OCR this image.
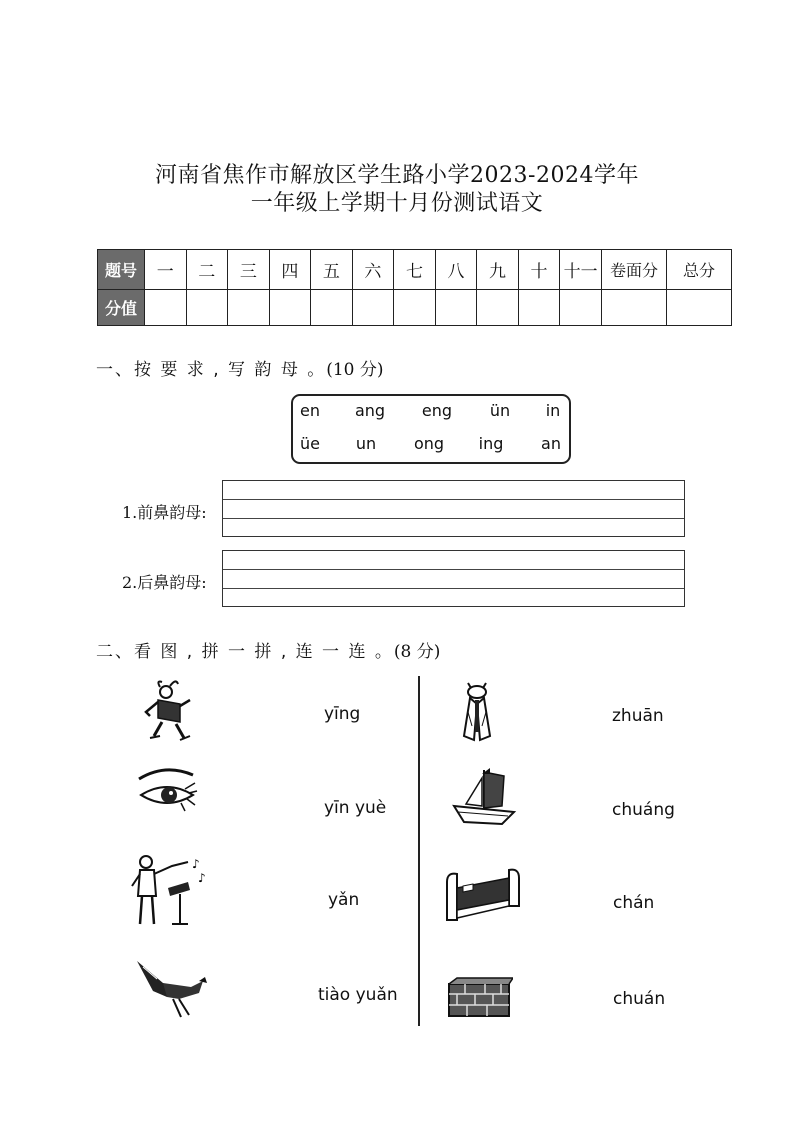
河南省焦作市解放区学生路小学2023-2024学年
一年级上学期十月份测试语文
题号	一	二	三	四	五	六	七	八	九	十	十一	卷面分	总分
分值													
一、按 要 求 , 写 韵 母 。(10 分)
en ang eng ün in
üe un ong ing an
1.前鼻韵母:
2.后鼻韵母:
二、看 图 , 拼 一 拼 , 连 一 连 。(8 分)
yīng
yīn yuè
♪
♪
yǎn
tiào yuǎn
zhuān
chuáng
chán
chuán
